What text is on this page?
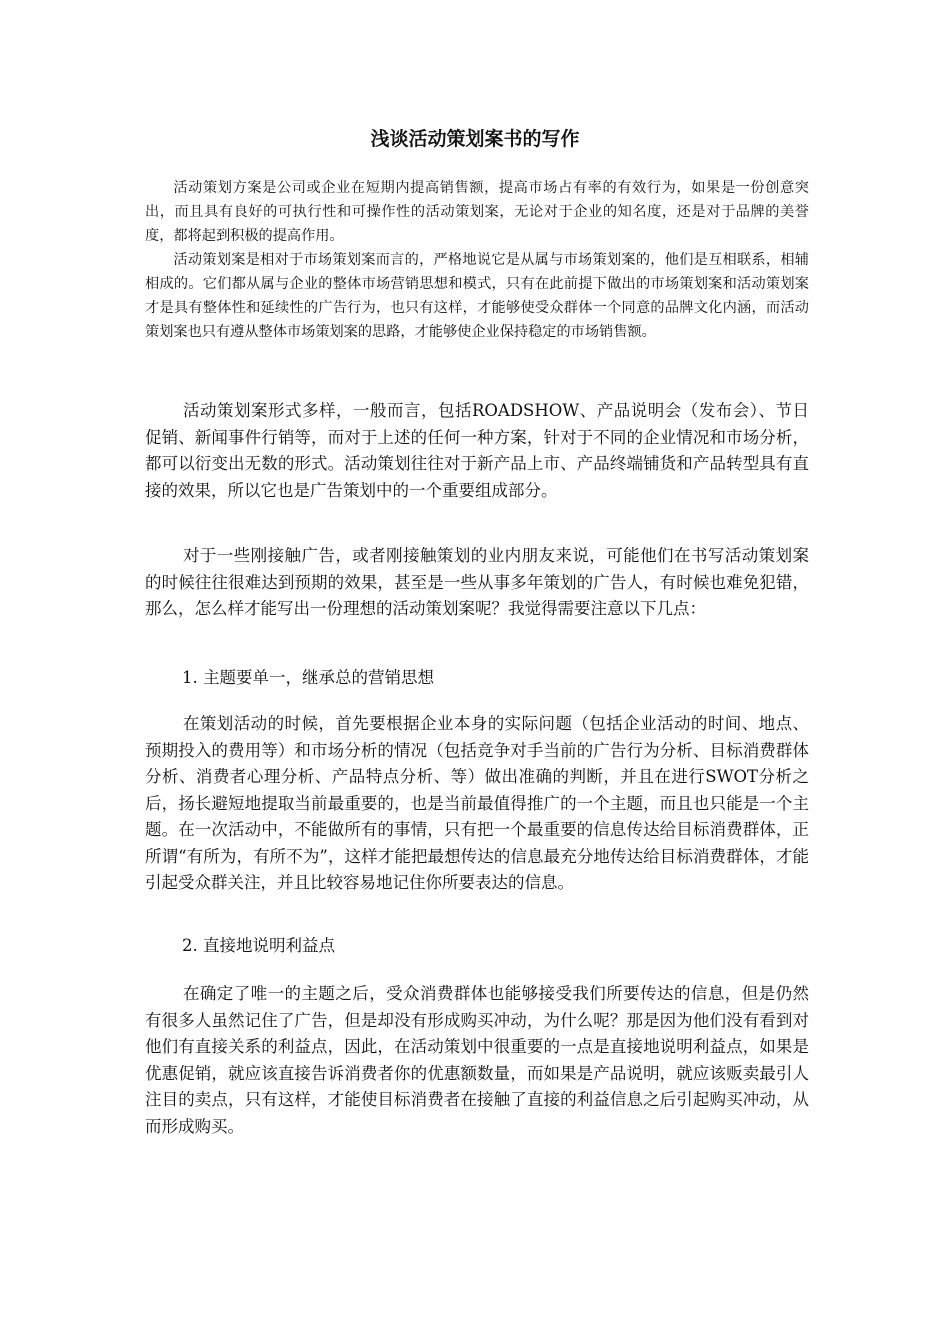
浅谈活动策划案书的写作

活动策划方案是公司或企业在短期内提高销售额，提高市场占有率的有效行为，如果是一份创意突出，而且具有良好的可执行性和可操作性的活动策划案，无论对于企业的知名度，还是对于品牌的美誉度，都将起到积极的提高作用。

活动策划案是相对于市场策划案而言的，严格地说它是从属与市场策划案的，他们是互相联系，相辅相成的。它们都从属与企业的整体市场营销思想和模式，只有在此前提下做出的市场策划案和活动策划案才是具有整体性和延续性的广告行为，也只有这样，才能够使受众群体一个同意的品牌文化内涵，而活动策划案也只有遵从整体市场策划案的思路，才能够使企业保持稳定的市场销售额。

活动策划案形式多样，一般而言，包括ROADSHOW、产品说明会（发布会）、节日促销、新闻事件行销等，而对于上述的任何一种方案，针对于不同的企业情况和市场分析，都可以衍变出无数的形式。活动策划往往对于新产品上市、产品终端铺货和产品转型具有直接的效果，所以它也是广告策划中的一个重要组成部分。

对于一些刚接触广告，或者刚接触策划的业内朋友来说，可能他们在书写活动策划案的时候往往很难达到预期的效果，甚至是一些从事多年策划的广告人，有时候也难免犯错，那么，怎么样才能写出一份理想的活动策划案呢？我觉得需要注意以下几点：

1. 主题要单一，继承总的营销思想

在策划活动的时候，首先要根据企业本身的实际问题（包括企业活动的时间、地点、预期投入的费用等）和市场分析的情况（包括竞争对手当前的广告行为分析、目标消费群体分析、消费者心理分析、产品特点分析、等）做出准确的判断，并且在进行SWOT分析之后，扬长避短地提取当前最重要的，也是当前最值得推广的一个主题，而且也只能是一个主题。在一次活动中，不能做所有的事情，只有把一个最重要的信息传达给目标消费群体，正所谓“有所为，有所不为”，这样才能把最想传达的信息最充分地传达给目标消费群体，才能引起受众群关注，并且比较容易地记住你所要表达的信息。

2. 直接地说明利益点

在确定了唯一的主题之后，受众消费群体也能够接受我们所要传达的信息，但是仍然有很多人虽然记住了广告，但是却没有形成购买冲动，为什么呢？那是因为他们没有看到对他们有直接关系的利益点，因此，在活动策划中很重要的一点是直接地说明利益点，如果是优惠促销，就应该直接告诉消费者你的优惠额数量，而如果是产品说明，就应该贩卖最引人注目的卖点，只有这样，才能使目标消费者在接触了直接的利益信息之后引起购买冲动，从而形成购买。
